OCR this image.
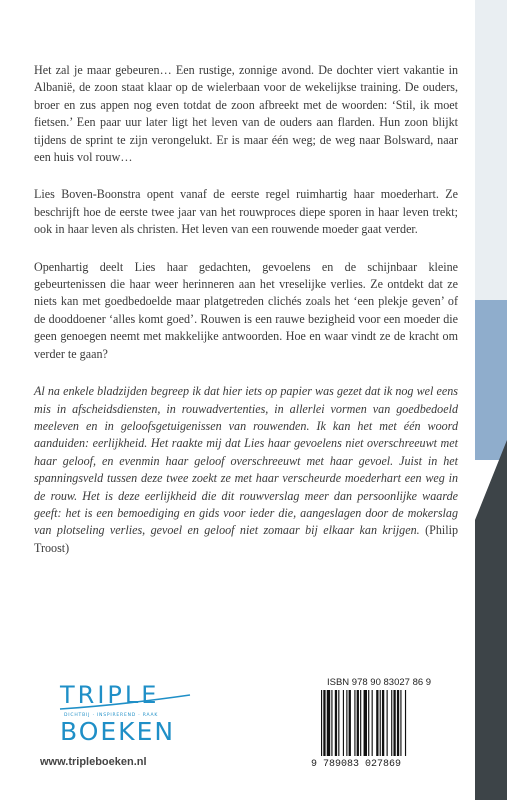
Het zal je maar gebeuren… Een rustige, zonnige avond. De dochter viert vakantie in Albanië, de zoon staat klaar op de wielerbaan voor de wekelijkse training. De ouders, broer en zus appen nog even totdat de zoon afbreekt met de woorden: ‘Stil, ik moet fietsen.’ Een paar uur later ligt het leven van de ouders aan flarden. Hun zoon blijkt tijdens de sprint te zijn verongelukt. Er is maar één weg; de weg naar Bolsward, naar een huis vol rouw…

Lies Boven-Boonstra opent vanaf de eerste regel ruimhartig haar moederhart. Ze beschrijft hoe de eerste twee jaar van het rouwproces diepe sporen in haar leven trekt; ook in haar leven als christen. Het leven van een rouwende moeder gaat verder.

Openhartig deelt Lies haar gedachten, gevoelens en de schijnbaar kleine gebeurtenissen die haar weer herinneren aan het vreselijke verlies. Ze ontdekt dat ze niets kan met goedbedoelde maar platgetreden clichés zoals het ‘een plekje geven’ of de dooddoener ‘alles komt goed’. Rouwen is een rauwe bezigheid voor een moeder die geen genoegen neemt met makkelijke antwoorden. Hoe en waar vindt ze de kracht om verder te gaan?

Al na enkele bladzijden begreep ik dat hier iets op papier was gezet dat ik nog wel eens mis in afscheidsdiensten, in rouwadvertenties, in allerlei vormen van goedbedoeld meeleven en in geloofsgetuigenissen van rouwenden. Ik kan het met één woord aanduiden: eerlijkheid. Het raakte mij dat Lies haar gevoelens niet overschreeuwt met haar geloof, en evenmin haar geloof overschreeuwt met haar gevoel. Juist in het spanningsveld tussen deze twee zoekt ze met haar verscheurde moederhart een weg in de rouw. Het is deze eerlijkheid die dit rouwverslag meer dan persoonlijke waarde geeft: het is een bemoediging en gids voor ieder die, aangeslagen door de mokerslag van plotseling verlies, gevoel en geloof niet zomaar bij elkaar kan krijgen. (Philip Troost)

TRIPLE
DICHTBIJ · INSPIREREND · RAAK
BOEKEN
www.tripleboeken.nl
ISBN 978 90 83027 86 9
9 789083 027869
